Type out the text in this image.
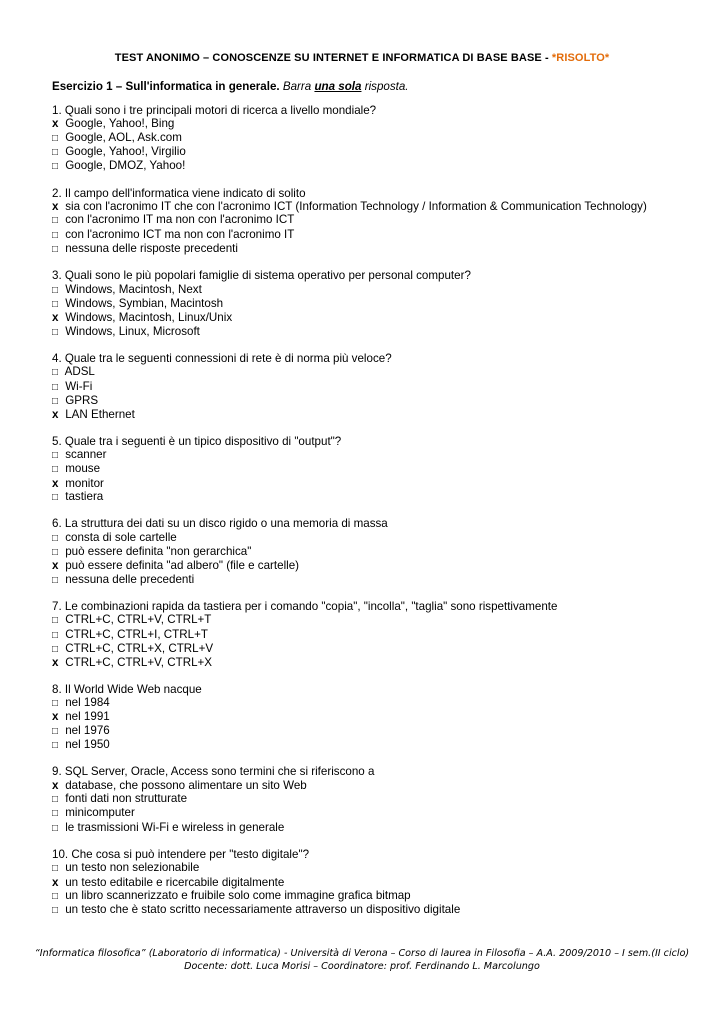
TEST ANONIMO – CONOSCENZE SU INTERNET E INFORMATICA DI BASE BASE - *RISOLTO*
Esercizio 1 – Sull'informatica in generale. Barra una sola risposta.
1. Quali sono i tre principali motori di ricerca a livello mondiale?
x Google, Yahoo!, Bing
□ Google, AOL, Ask.com
□ Google, Yahoo!, Virgilio
□ Google, DMOZ, Yahoo!
2. Il campo dell'informatica viene indicato di solito
x sia con l'acronimo IT che con l'acronimo ICT (Information Technology / Information & Communication Technology)
□ con l'acronimo IT ma non con l'acronimo ICT
□ con l'acronimo ICT ma non con l'acronimo IT
□ nessuna delle risposte precedenti
3. Quali sono le più popolari famiglie di sistema operativo per personal computer?
□ Windows, Macintosh, Next
□ Windows, Symbian, Macintosh
x Windows, Macintosh, Linux/Unix
□ Windows, Linux, Microsoft
4. Quale tra le seguenti connessioni di rete è di norma più veloce?
□ ADSL
□ Wi-Fi
□ GPRS
x LAN Ethernet
5. Quale tra i seguenti è un tipico dispositivo di "output"?
□ scanner
□ mouse
x monitor
□ tastiera
6. La struttura dei dati su un disco rigido o una memoria di massa
□ consta di sole cartelle
□ può essere definita "non gerarchica"
x può essere definita "ad albero" (file e cartelle)
□ nessuna delle precedenti
7. Le combinazioni rapida da tastiera per i comando "copia", "incolla", "taglia" sono rispettivamente
□ CTRL+C, CTRL+V, CTRL+T
□ CTRL+C, CTRL+I, CTRL+T
□ CTRL+C, CTRL+X, CTRL+V
x CTRL+C, CTRL+V, CTRL+X
8. Il World Wide Web nacque
□ nel 1984
x nel 1991
□ nel 1976
□ nel 1950
9. SQL Server, Oracle, Access sono termini che si riferiscono a
x database, che possono alimentare un sito Web
□ fonti dati non strutturate
□ minicomputer
□ le trasmissioni Wi-Fi e wireless in generale
10. Che cosa si può intendere per "testo digitale"?
□ un testo non selezionabile
x un testo editabile e ricercabile digitalmente
□ un libro scannerizzato e fruibile solo come immagine grafica bitmap
□ un testo che è stato scritto necessariamente attraverso un dispositivo digitale
“Informatica filosofica” (Laboratorio di informatica) - Università di Verona – Corso di laurea in Filosofia – A.A. 2009/2010 – I sem.(II ciclo)
Docente: dott. Luca Morisi – Coordinatore: prof. Ferdinando L. Marcolungo
